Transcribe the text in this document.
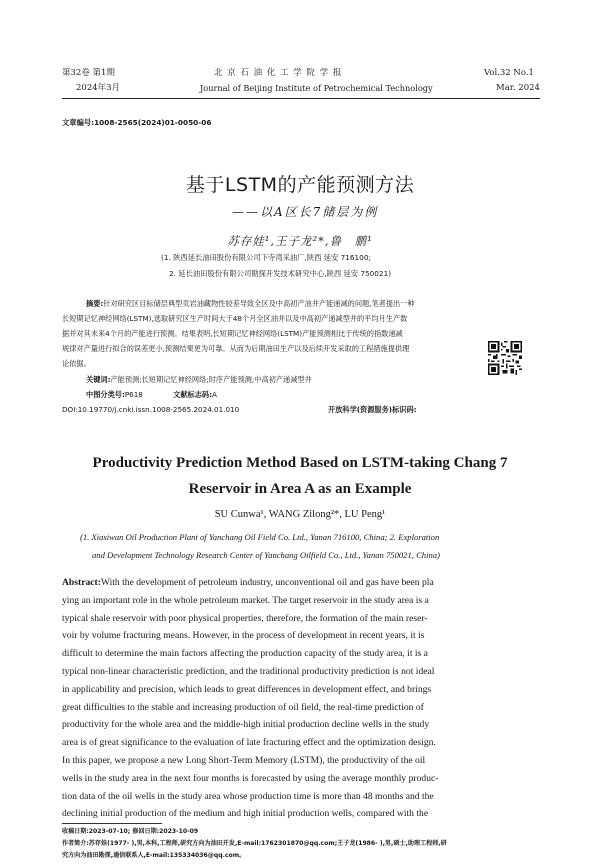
第32卷 第1期
2024年3月
北 京 石 油 化 工 学 院 学 报
Journal of Beijing Institute of Petrochemical Technology
Vol.32 No.1
Mar. 2024
文章编号:1008-2565(2024)01-0050-06
基于LSTM的产能预测方法
——以A区长7储层为例
苏存娃¹,王子龙²*,鲁　鹏¹
(1. 陕西延长油田股份有限公司下寺湾采油厂,陕西 延安 716100;
2. 延长油田股份有限公司勘探开发技术研究中心,陕西 延安 750021)
摘要:针对研究区目标储层典型页岩油藏物性较差导致全区及中高初产油井产能递减的问题,笔者提出一种
长短期记忆神经网络(LSTM),选取研究区生产时间大于48个月全区油井以及中高初产递减型井的平均月生产数
据并对其未来4个月的产能进行预测。结果表明,长短期记忆神经网络(LSTM)产能预测相比于传统的指数递减
规律对产量进行拟合的误差更小,预测结果更为可靠。从而为后期油田生产以及后续开发采取的工程措施提供理
论依据。
关键词:产能预测;长短期记忆神经网络;时序产能预测;中高初产递减型井
中图分类号:P618	文献标志码:A
DOI:10.19770/j.cnki.issn.1008-2565.2024.01.010	开放科学(资源服务)标识码:
Productivity Prediction Method Based on LSTM-taking Chang 7
Reservoir in Area A as an Example
SU Cunwa¹, WANG Zilong²*, LU Peng¹
(1. Xiasiwan Oil Production Plant of Yanchang Oil Field Co. Ltd., Yanan 716100, China; 2. Exploration
and Development Technology Research Center of Yanchang Oilfield Co., Ltd., Yanan 750021, China)
Abstract:With the development of petroleum industry, unconventional oil and gas have been pla
ying an important role in the whole petroleum market. The target reservoir in the study area is a
typical shale reservoir with poor physical properties, therefore, the formation of the main reser-
voir by volume fracturing means. However, in the process of development in recent years, it is
difficult to determine the main factors affecting the production capacity of the study area, it is a
typical non-linear characteristic prediction, and the traditional productivity prediction is not ideal
in applicability and precision, which leads to great differences in development effect, and brings
great difficulties to the stable and increasing production of oil field, the real-time prediction of
productivity for the whole area and the middle-high initial production decline wells in the study
area is of great significance to the evaluation of late fracturing effect and the optimization design.
In this paper, we propose a new Long Short-Term Memory (LSTM), the productivity of the oil
wells in the study area in the next four months is forecasted by using the average monthly produc-
tion data of the oil wells in the study area whose production time is more than 48 months and the
declining initial production of the medium and high initial production wells, compared with the
收稿日期:2023-07-10; 修回日期:2023-10-09
作者简介:苏存娃(1977- ),男,本科,工程师,研究方向为油田开发,E-mail:1762301870@qq.com;王子龙(1986- ),男,硕士,助理工程师,研
究方向为油田勘探,通信联系人,E-mail:135334036@qq.com。
